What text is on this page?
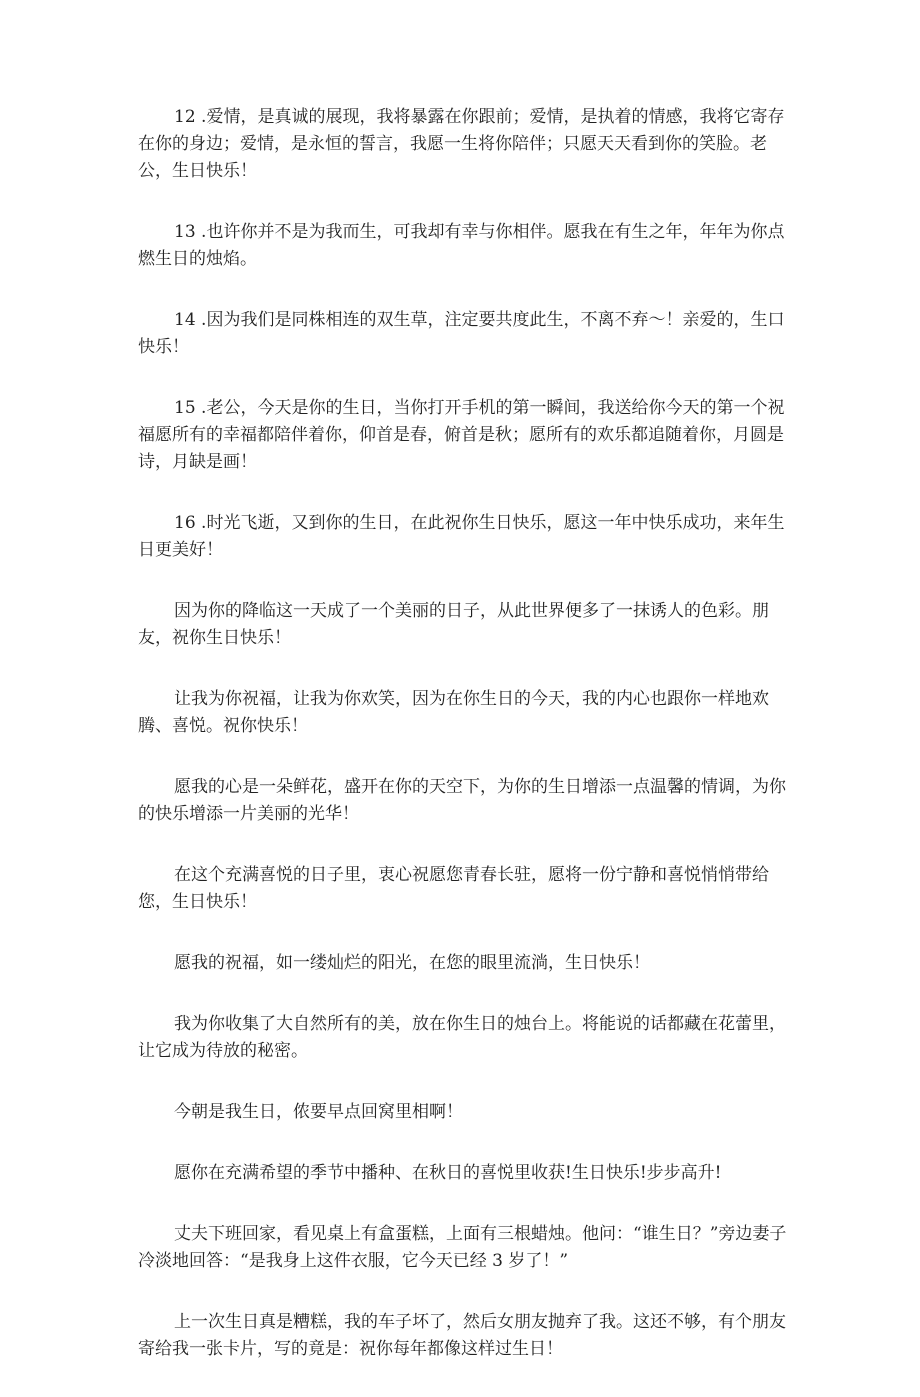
12 .爱情，是真诚的展现，我将暴露在你跟前；爱情，是执着的情感，我将它寄存在你的身边；爱情，是永恒的誓言，我愿一生将你陪伴；只愿天天看到你的笑脸。老公，生日快乐！

13 .也许你并不是为我而生，可我却有幸与你相伴。愿我在有生之年，年年为你点燃生日的烛焰。

14 .因为我们是同株相连的双生草，注定要共度此生，不离不弃～！亲爱的，生口快乐！

15 .老公，今天是你的生日，当你打开手机的第一瞬间，我送给你今天的第一个祝福愿所有的幸福都陪伴着你，仰首是春，俯首是秋；愿所有的欢乐都追随着你，月圆是诗，月缺是画！

16 .时光飞逝，又到你的生日，在此祝你生日快乐，愿这一年中快乐成功，来年生日更美好！

因为你的降临这一天成了一个美丽的日子，从此世界便多了一抹诱人的色彩。朋友，祝你生日快乐！

让我为你祝福，让我为你欢笑，因为在你生日的今天，我的内心也跟你一样地欢腾、喜悦。祝你快乐！

愿我的心是一朵鲜花，盛开在你的天空下，为你的生日增添一点温馨的情调，为你的快乐增添一片美丽的光华！

在这个充满喜悦的日子里，衷心祝愿您青春长驻，愿将一份宁静和喜悦悄悄带给您，生日快乐！

愿我的祝福，如一缕灿烂的阳光，在您的眼里流淌，生日快乐！

我为你收集了大自然所有的美，放在你生日的烛台上。将能说的话都藏在花蕾里，让它成为待放的秘密。

今朝是我生日，侬要早点回窝里相啊！

愿你在充满希望的季节中播种、在秋日的喜悦里收获!生日快乐!步步高升!

丈夫下班回家，看见桌上有盒蛋糕，上面有三根蜡烛。他问：“谁生日？”旁边妻子冷淡地回答：“是我身上这件衣服，它今天已经 3 岁了！”

上一次生日真是糟糕，我的车子坏了，然后女朋友抛弃了我。这还不够，有个朋友寄给我一张卡片，写的竟是：祝你每年都像这样过生日！
